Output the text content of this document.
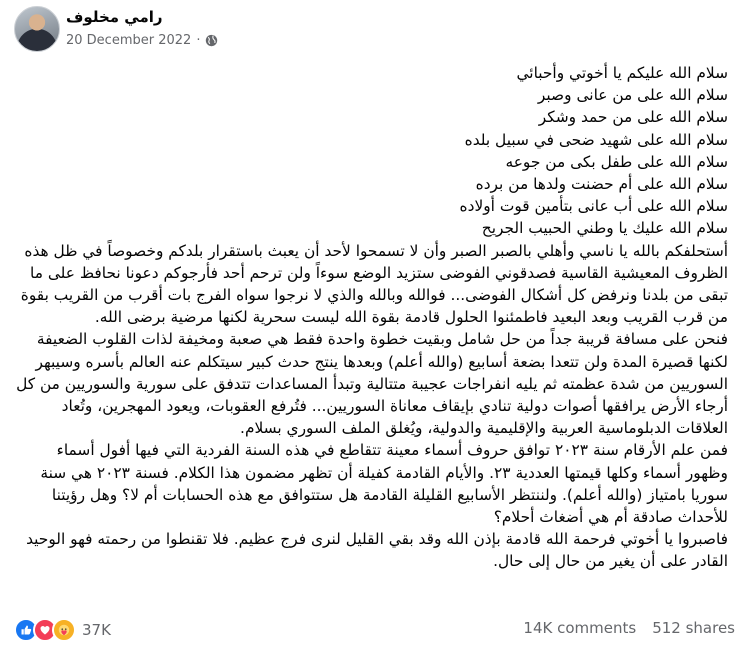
رامي مخلوف
20 December 2022 ·

سلام الله عليكم يا أخوتي وأحبائي

سلام الله على من عانى وصبر

سلام الله على من حمد وشكر

سلام الله على شهيد ضحى في سبيل بلده

سلام الله على طفل بكى من جوعه

سلام الله على أم حضنت ولدها من برده

سلام الله على أب عانى بتأمين قوت أولاده

سلام الله عليك يا وطني الحبيب الجريح

أستحلفكم بالله يا ناسي وأهلي بالصبر الصبر وأن لا تسمحوا لأحد أن يعبث باستقرار بلدكم وخصوصاً في ظل هذه الظروف المعيشية القاسية فصدقوني الفوضى ستزيد الوضع سوءاً ولن ترحم أحد فأرجوكم دعونا نحافظ على ما تبقى من بلدنا ونرفض كل أشكال الفوضى... فوالله وبالله والذي لا نرجوا سواه الفرج بات أقرب من القريب بقوة من قرب القريب وبعد البعيد فاطمئنوا الحلول قادمة بقوة الله ليست سحرية لكنها مرضية برضى الله.

فنحن على مسافة قريبة جداً من حل شامل وبقيت خطوة واحدة فقط هي صعبة ومخيفة لذات القلوب الضعيفة لكنها قصيرة المدة ولن تتعدا بضعة أسابيع (والله أعلم) وبعدها ينتج حدث كبير سيتكلم عنه العالم بأسره وسيبهر السوريين من شدة عظمته ثم يليه انفراجات عجيبة متتالية وتبدأ المساعدات تتدفق على سورية والسوريين من كل أرجاء الأرض يرافقها أصوات دولية تنادي بإيقاف معاناة السوريين... فتُرفع العقوبات، ويعود المهجرين، وتُعاد العلاقات الدبلوماسية العربية والإقليمية والدولية، ويُغلق الملف السوري بسلام.

فمن علم الأرقام سنة ٢٠٢٣ توافق حروف أسماء معينة تتقاطع في هذه السنة الفردية التي فيها أفول أسماء وظهور أسماء وكلها قيمتها العددية ٢٣. والأيام القادمة كفيلة أن تظهر مضمون هذا الكلام. فسنة ٢٠٢٣ هي سنة سوريا بامتياز (والله أعلم). ولننتظر الأسابيع القليلة القادمة هل ستتوافق مع هذه الحسابات أم لا؟ وهل رؤيتنا للأحداث صادقة أم هي أضغاث أحلام؟

فاصبروا يا أخوتي فرحمة الله قادمة بإذن الله وقد بقي القليل لنرى فرج عظيم. فلا تقنطوا من رحمته فهو الوحيد القادر على أن يغير من حال إلى حال.

37K	14K comments 512 shares
